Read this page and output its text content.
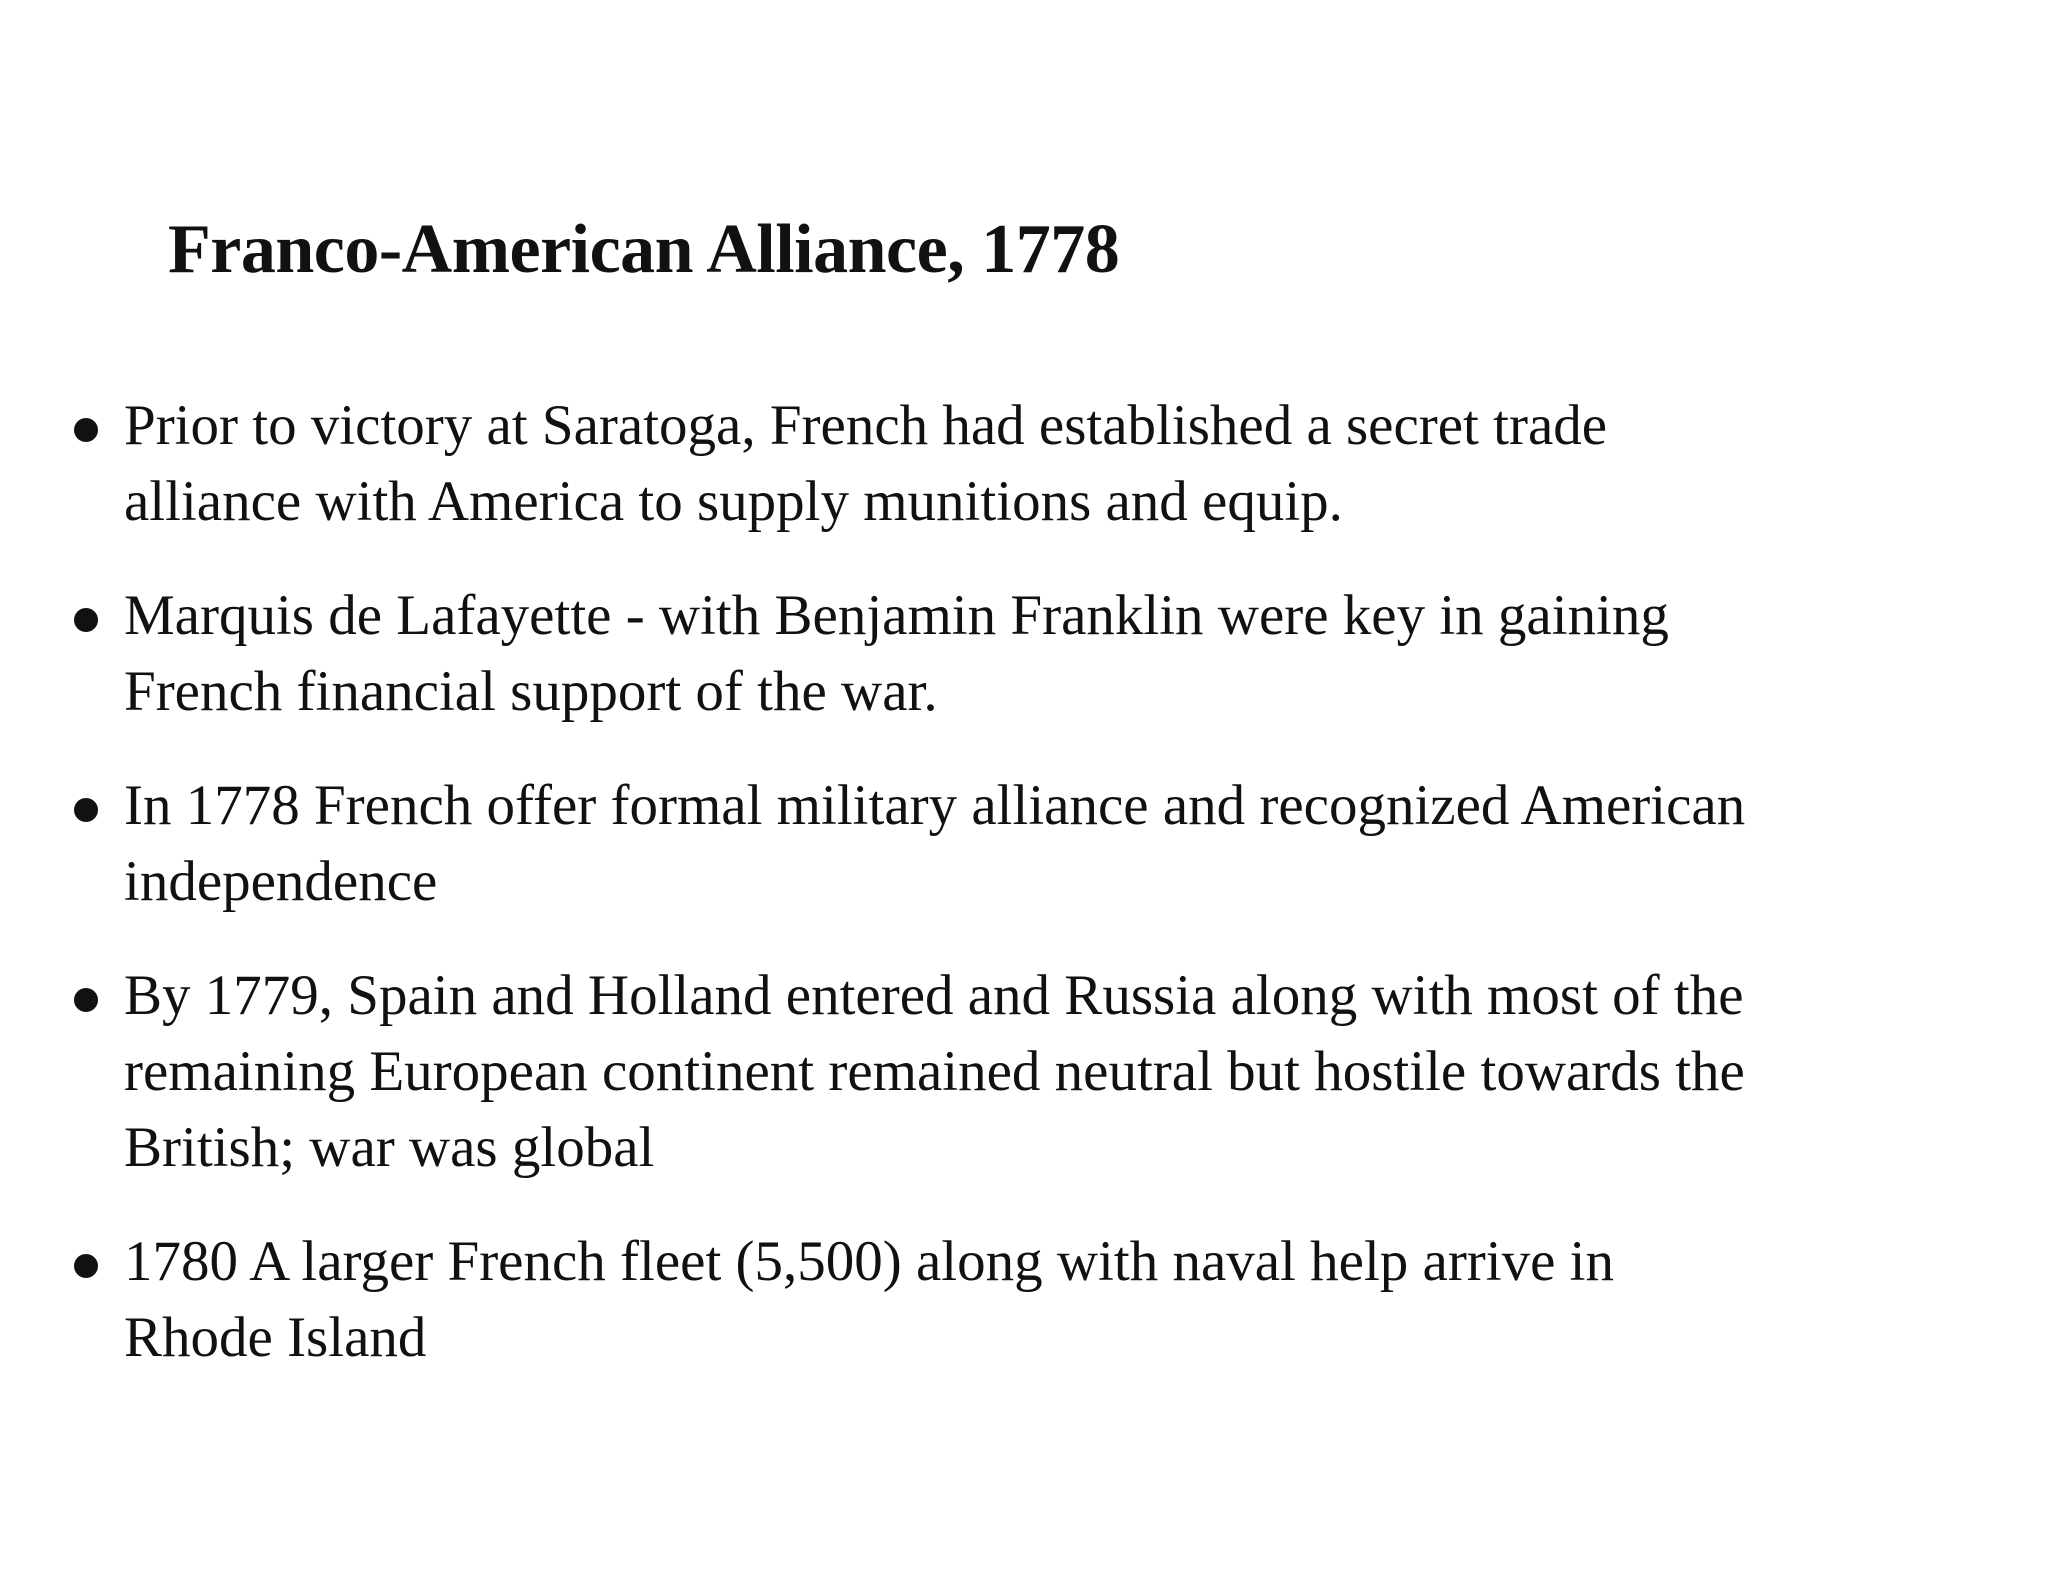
Franco-American Alliance, 1778
Prior to victory at Saratoga, French had established a secret trade alliance with America to supply munitions and equip.
Marquis de Lafayette - with Benjamin Franklin were key in gaining French financial support of the war.
In 1778 French offer formal military alliance and recognized American independence
By 1779, Spain and Holland entered and Russia along with most of the remaining European continent remained neutral but hostile towards the British; war was global
1780 A larger French fleet (5,500) along with naval help arrive in Rhode Island
